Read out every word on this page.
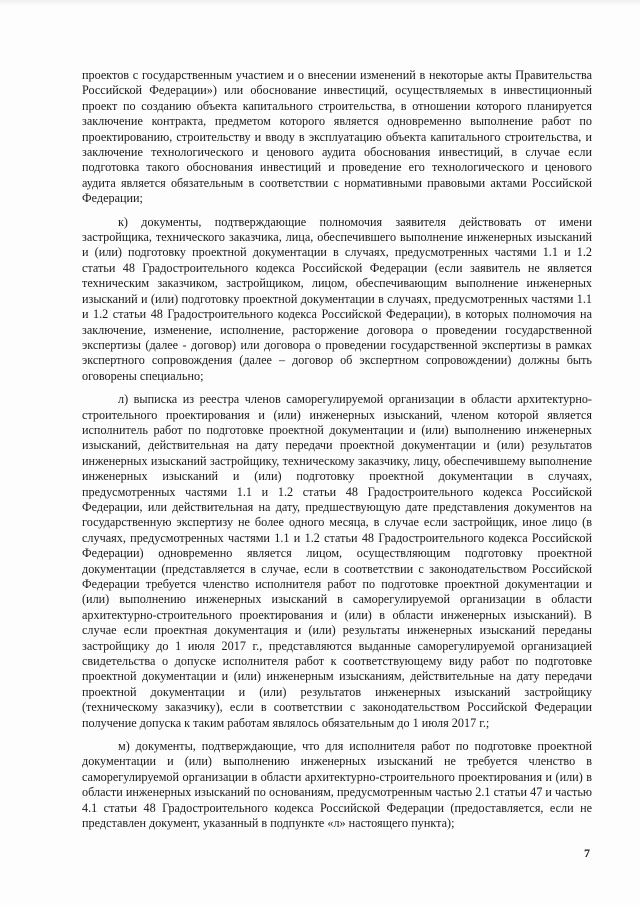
проектов с государственным участием и о внесении изменений в некоторые акты Правительства Российской Федерации») или обоснование инвестиций, осуществляемых в инвестиционный проект по созданию объекта капитального строительства, в отношении которого планируется заключение контракта, предметом которого является одновременно выполнение работ по проектированию, строительству и вводу в эксплуатацию объекта капитального строительства, и заключение технологического и ценового аудита обоснования инвестиций, в случае если подготовка такого обоснования инвестиций и проведение его технологического и ценового аудита является обязательным в соответствии с нормативными правовыми актами Российской Федерации;

к) документы, подтверждающие полномочия заявителя действовать от имени застройщика, технического заказчика, лица, обеспечившего выполнение инженерных изысканий и (или) подготовку проектной документации в случаях, предусмотренных частями 1.1 и 1.2 статьи 48 Градостроительного кодекса Российской Федерации (если заявитель не является техническим заказчиком, застройщиком, лицом, обеспечивающим выполнение инженерных изысканий и (или) подготовку проектной документации в случаях, предусмотренных частями 1.1 и 1.2 статьи 48 Градостроительного кодекса Российской Федерации), в которых полномочия на заключение, изменение, исполнение, расторжение договора о проведении государственной экспертизы (далее - договор) или договора о проведении государственной экспертизы в рамках экспертного сопровождения (далее – договор об экспертном сопровождении) должны быть оговорены специально;

л) выписка из реестра членов саморегулируемой организации в области архитектурно-строительного проектирования и (или) инженерных изысканий, членом которой является исполнитель работ по подготовке проектной документации и (или) выполнению инженерных изысканий, действительная на дату передачи проектной документации и (или) результатов инженерных изысканий застройщику, техническому заказчику, лицу, обеспечившему выполнение инженерных изысканий и (или) подготовку проектной документации в случаях, предусмотренных частями 1.1 и 1.2 статьи 48 Градостроительного кодекса Российской Федерации, или действительная на дату, предшествующую дате представления документов на государственную экспертизу не более одного месяца, в случае если застройщик, иное лицо (в случаях, предусмотренных частями 1.1 и 1.2 статьи 48 Градостроительного кодекса Российской Федерации) одновременно является лицом, осуществляющим подготовку проектной документации (представляется в случае, если в соответствии с законодательством Российской Федерации требуется членство исполнителя работ по подготовке проектной документации и (или) выполнению инженерных изысканий в саморегулируемой организации в области архитектурно-строительного проектирования и (или) в области инженерных изысканий). В случае если проектная документация и (или) результаты инженерных изысканий переданы застройщику до 1 июля 2017 г., представляются выданные саморегулируемой организацией свидетельства о допуске исполнителя работ к соответствующему виду работ по подготовке проектной документации и (или) инженерным изысканиям, действительные на дату передачи проектной документации и (или) результатов инженерных изысканий застройщику (техническому заказчику), если в соответствии с законодательством Российской Федерации получение допуска к таким работам являлось обязательным до 1 июля 2017 г.;

м) документы, подтверждающие, что для исполнителя работ по подготовке проектной документации и (или) выполнению инженерных изысканий не требуется членство в саморегулируемой организации в области архитектурно-строительного проектирования и (или) в области инженерных изысканий по основаниям, предусмотренным частью 2.1 статьи 47 и частью 4.1 статьи 48 Градостроительного кодекса Российской Федерации (предоставляется, если не представлен документ, указанный в подпункте «л» настоящего пункта);

7
